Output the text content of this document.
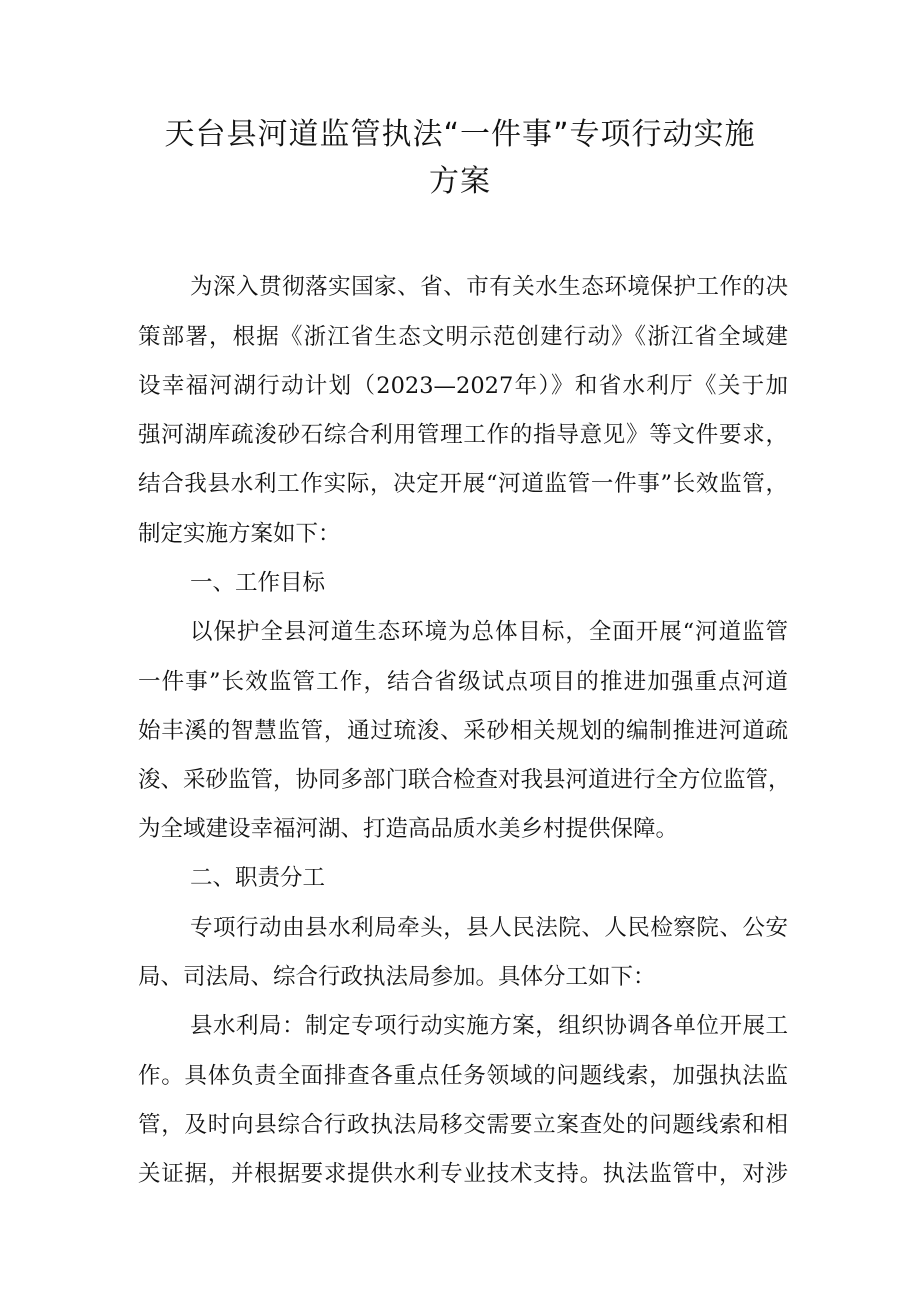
天台县河道监管执法“一件事”专项行动实施
方案

为深入贯彻落实国家、省、市有关水生态环境保护工作的决

策部署，根据《浙江省生态文明示范创建行动》《浙江省全域建

设幸福河湖行动计划（2023—2027年）》和省水利厅《关于加

强河湖库疏浚砂石综合利用管理工作的指导意见》等文件要求，

结合我县水利工作实际，决定开展“河道监管一件事”长效监管，

制定实施方案如下：

一、工作目标

以保护全县河道生态环境为总体目标，全面开展“河道监管

一件事”长效监管工作，结合省级试点项目的推进加强重点河道

始丰溪的智慧监管，通过琉浚、采砂相关规划的编制推进河道疏

浚、采砂监管，协同多部门联合检查对我县河道进行全方位监管，

为全域建设幸福河湖、打造高品质水美乡村提供保障。

二、职责分工

专项行动由县水利局牵头，县人民法院、人民检察院、公安

局、司法局、综合行政执法局参加。具体分工如下：

县水利局：制定专项行动实施方案，组织协调各单位开展工

作。具体负责全面排查各重点任务领域的问题线索，加强执法监

管，及时向县综合行政执法局移交需要立案查处的问题线索和相

关证据，并根据要求提供水利专业技术支持。执法监管中，对涉
